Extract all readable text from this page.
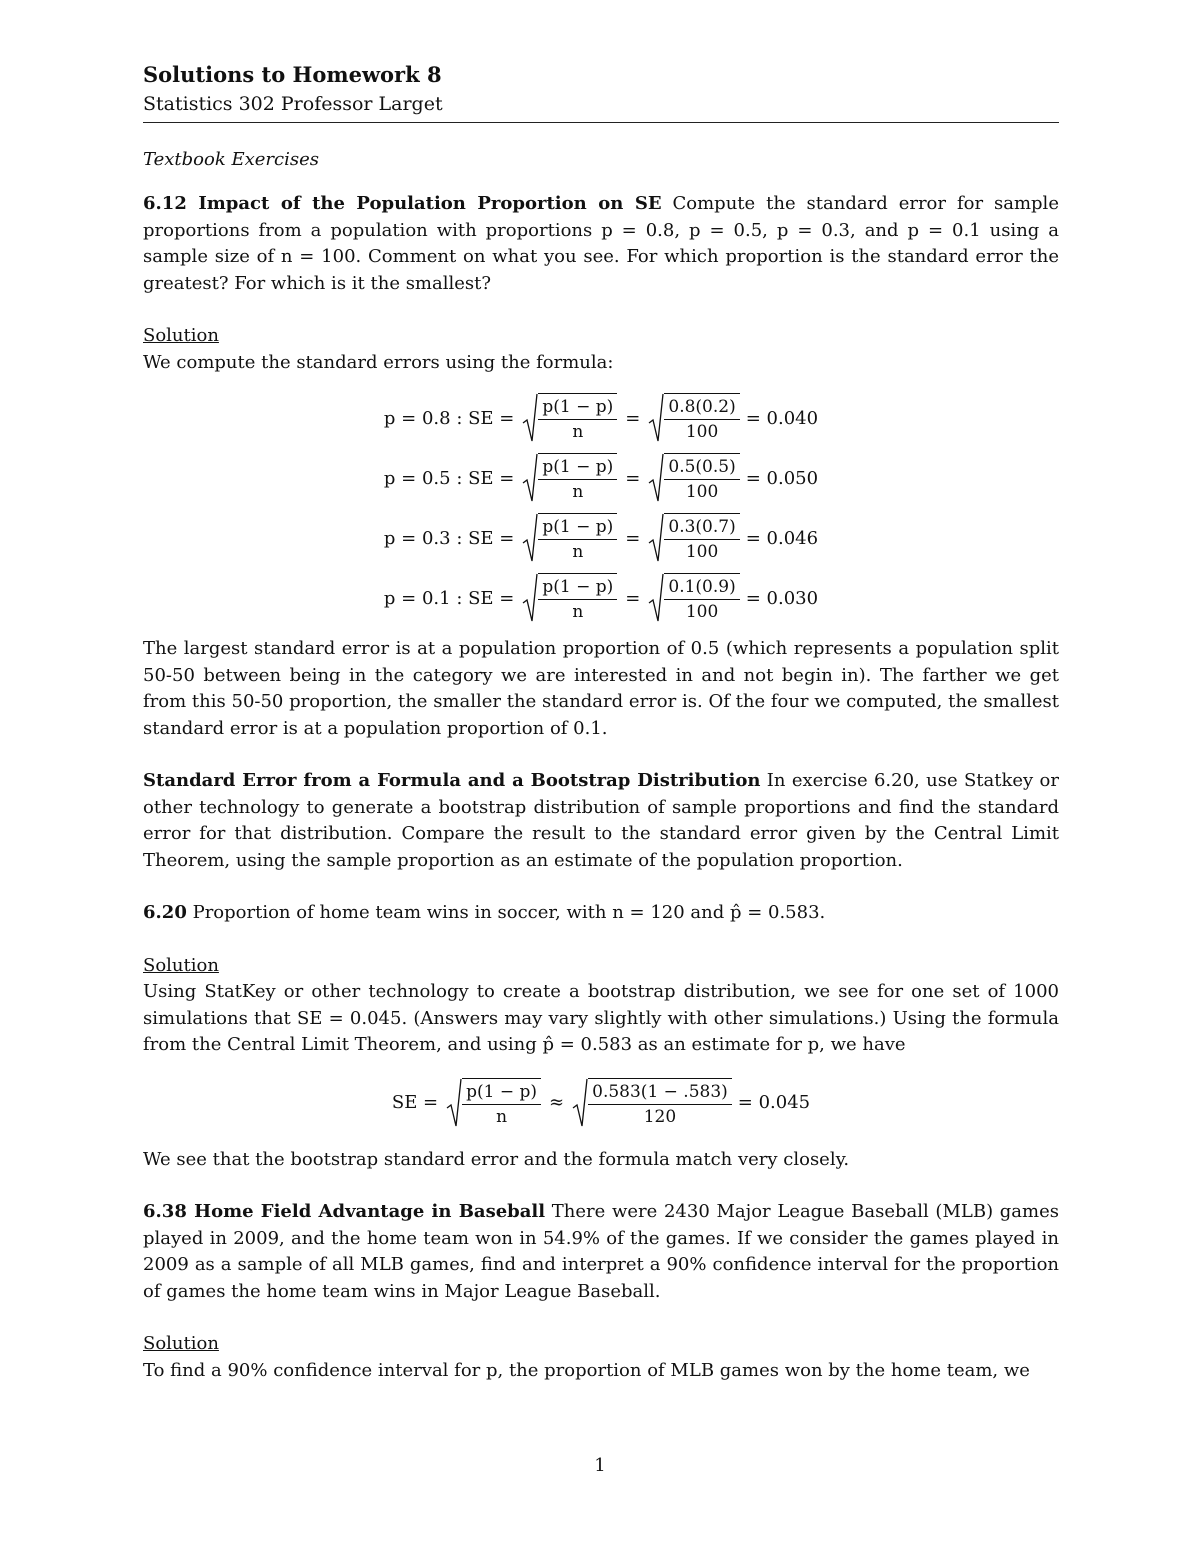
Solutions to Homework 8
Statistics 302 Professor Larget
Textbook Exercises

6.12 Impact of the Population Proportion on SE Compute the standard error for sample proportions from a population with proportions p = 0.8, p = 0.5, p = 0.3, and p = 0.1 using a sample size of n = 100. Comment on what you see. For which proportion is the standard error the greatest? For which is it the smallest?

Solution

We compute the standard errors using the formula:

p = 0.8 : SE = $\frac{p(1 - p)}{n} = \frac{0.8(0.2)}{100} = 0.040$
p = 0.5 : SE = $\frac{p(1 - p)}{n} = \frac{0.5(0.5)}{100} = 0.050$
p = 0.3 : SE = $\frac{p(1 - p)}{n} = \frac{0.3(0.7)}{100} = 0.046$
p = 0.1 : SE = $\frac{p(1 - p)}{n} = \frac{0.1(0.9)}{100} = 0.030$

The largest standard error is at a population proportion of 0.5 (which represents a population split 50-50 between being in the category we are interested in and not begin in). The farther we get from this 50-50 proportion, the smaller the standard error is. Of the four we computed, the smallest standard error is at a population proportion of 0.1.

Standard Error from a Formula and a Bootstrap Distribution In exercise 6.20, use Statkey or other technology to generate a bootstrap distribution of sample proportions and find the standard error for that distribution. Compare the result to the standard error given by the Central Limit Theorem, using the sample proportion as an estimate of the population proportion.

6.20 Proportion of home team wins in soccer, with n = 120 and p̂ = 0.583.

Solution

Using StatKey or other technology to create a bootstrap distribution, we see for one set of 1000 simulations that SE = 0.045. (Answers may vary slightly with other simulations.) Using the formula from the Central Limit Theorem, and using p̂ = 0.583 as an estimate for p, we have

SE = $\frac{p(1 - p)}{n} \approx \frac{0.583(1 - .583)}{120} = 0.045$

We see that the bootstrap standard error and the formula match very closely.

6.38 Home Field Advantage in Baseball There were 2430 Major League Baseball (MLB) games played in 2009, and the home team won in 54.9% of the games. If we consider the games played in 2009 as a sample of all MLB games, find and interpret a 90% confidence interval for the proportion of games the home team wins in Major League Baseball.

Solution

To find a 90% confidence interval for p, the proportion of MLB games won by the home team, we

1
